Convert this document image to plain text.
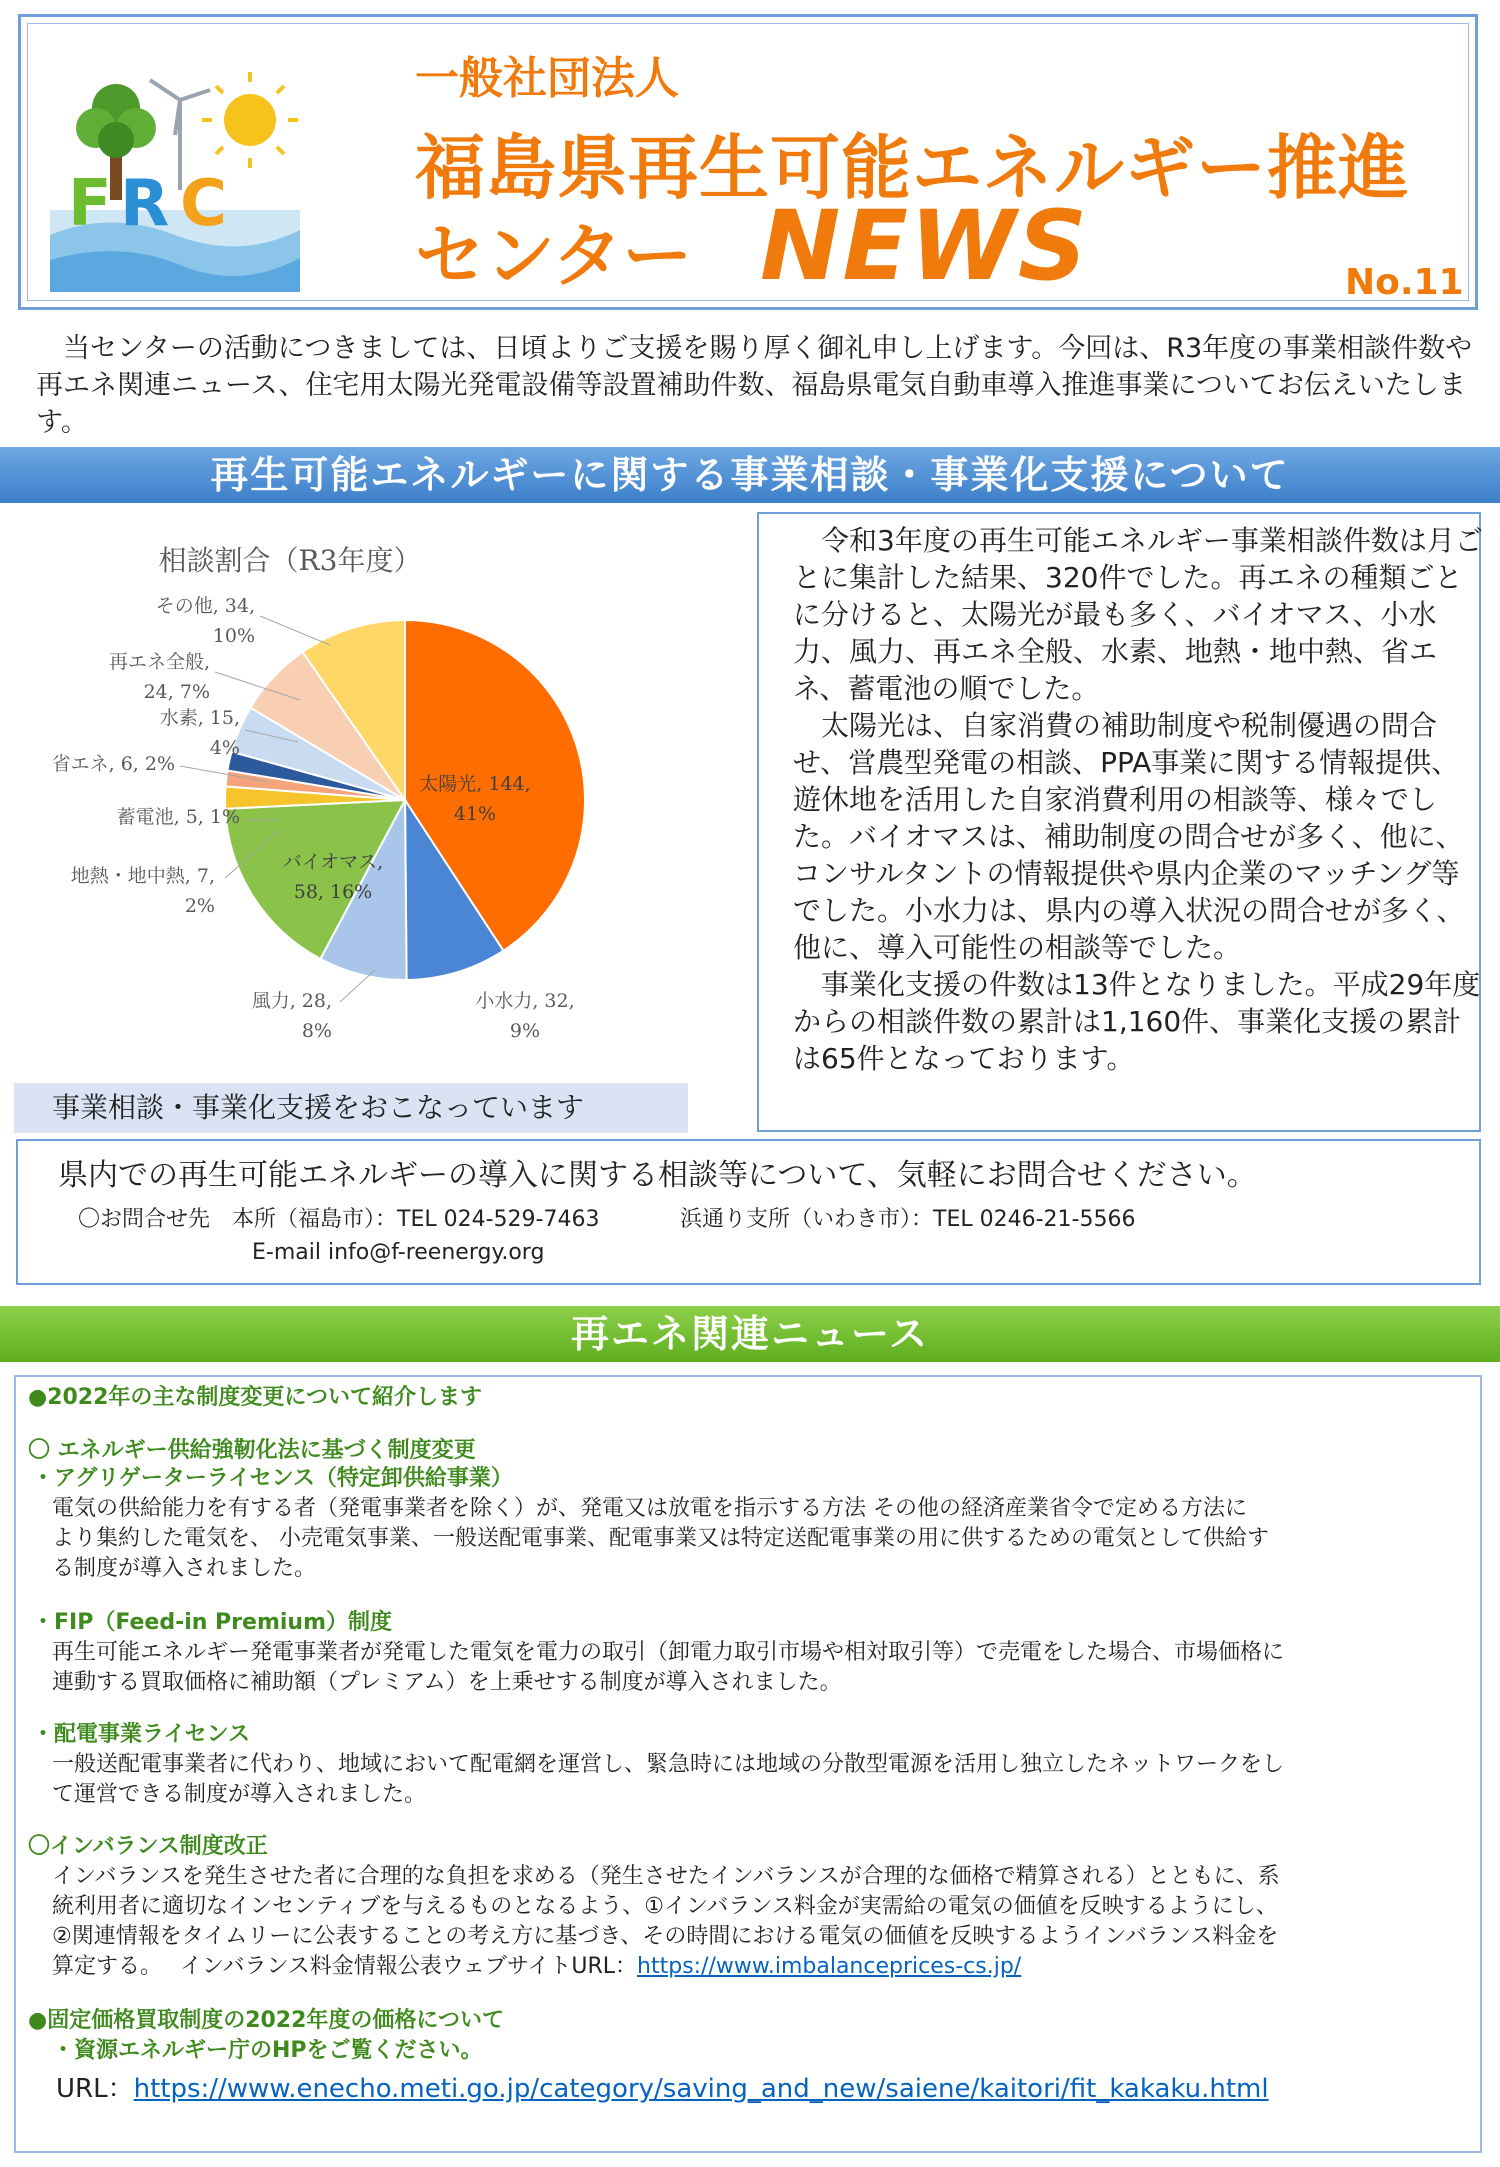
F R C
一般社団法人
福島県再生可能エネルギー推進
センター NEWS	No.11
　当センターの活動につきましては、日頃よりご支援を賜り厚く御礼申し上げます。今回は、R3年度の事業相談件数や再エネ関連ニュース、住宅用太陽光発電設備等設置補助件数、福島県電気自動車導入推進事業についてお伝えいたします。
再生可能エネルギーに関する事業相談・事業化支援について
相談割合（R3年度）
太陽光, 144,
41%
小水力, 32,
9%
風力, 28,
8%
バイオマス,
58, 16%
地熱・地中熱, 7,
2%
蓄電池, 5, 1%
省エネ, 6, 2%
水素, 15,
4%
再エネ全般,
24, 7%
その他, 34,
10%
事業相談・事業化支援をおこなっています
　令和3年度の再生可能エネルギー事業相談件数は月ごとに集計した結果、320件でした。再エネの種類ごとに分けると、太陽光が最も多く、バイオマス、小水力、風力、再エネ全般、水素、地熱・地中熱、省エネ、蓄電池の順でした。
　太陽光は、自家消費の補助制度や税制優遇の問合せ、営農型発電の相談、PPA事業に関する情報提供、遊休地を活用した自家消費利用の相談等、様々でした。バイオマスは、補助制度の問合せが多く、他に、コンサルタントの情報提供や県内企業のマッチング等でした。小水力は、県内の導入状況の問合せが多く、他に、導入可能性の相談等でした。
　事業化支援の件数は13件となりました。平成29年度からの相談件数の累計は1,160件、事業化支援の累計は65件となっております。
県内での再生可能エネルギーの導入に関する相談等について、気軽にお問合せください。
〇お問合せ先　本所（福島市）：TEL 024-529-7463	浜通り支所（いわき市）：TEL 0246-21-5566
E-mail info@f-reenergy.org
再エネ関連ニュース
●2022年の主な制度変更について紹介します
〇 エネルギー供給強靭化法に基づく制度変更
・アグリゲーターライセンス（特定卸供給事業）
電気の供給能力を有する者（発電事業者を除く）が、発電又は放電を指示する方法 その他の経済産業省令で定める方法に
より集約した電気を、 小売電気事業、一般送配電事業、配電事業又は特定送配電事業の用に供するための電気として供給す
る制度が導入されました。
・FIP（Feed-in Premium）制度
再生可能エネルギー発電事業者が発電した電気を電力の取引（卸電力取引市場や相対取引等）で売電をした場合、市場価格に
連動する買取価格に補助額（プレミアム）を上乗せする制度が導入されました。
・配電事業ライセンス
一般送配電事業者に代わり、地域において配電網を運営し、緊急時には地域の分散型電源を活用し独立したネットワークをし
て運営できる制度が導入されました。
〇インバランス制度改正
インバランスを発生させた者に合理的な負担を求める（発生させたインバランスが合理的な価格で精算される）とともに、系
統利用者に適切なインセンティブを与えるものとなるよう、①インバランス料金が実需給の電気の価値を反映するようにし、
②関連情報をタイムリーに公表することの考え方に基づき、その時間における電気の価値を反映するようインバランス料金を
算定する。　 インバランス料金情報公表ウェブサイトURL：https://www.imbalanceprices-cs.jp/
●固定価格買取制度の2022年度の価格について
・資源エネルギー庁のHPをご覧ください。
URL：https://www.enecho.meti.go.jp/category/saving_and_new/saiene/kaitori/fit_kakaku.html
